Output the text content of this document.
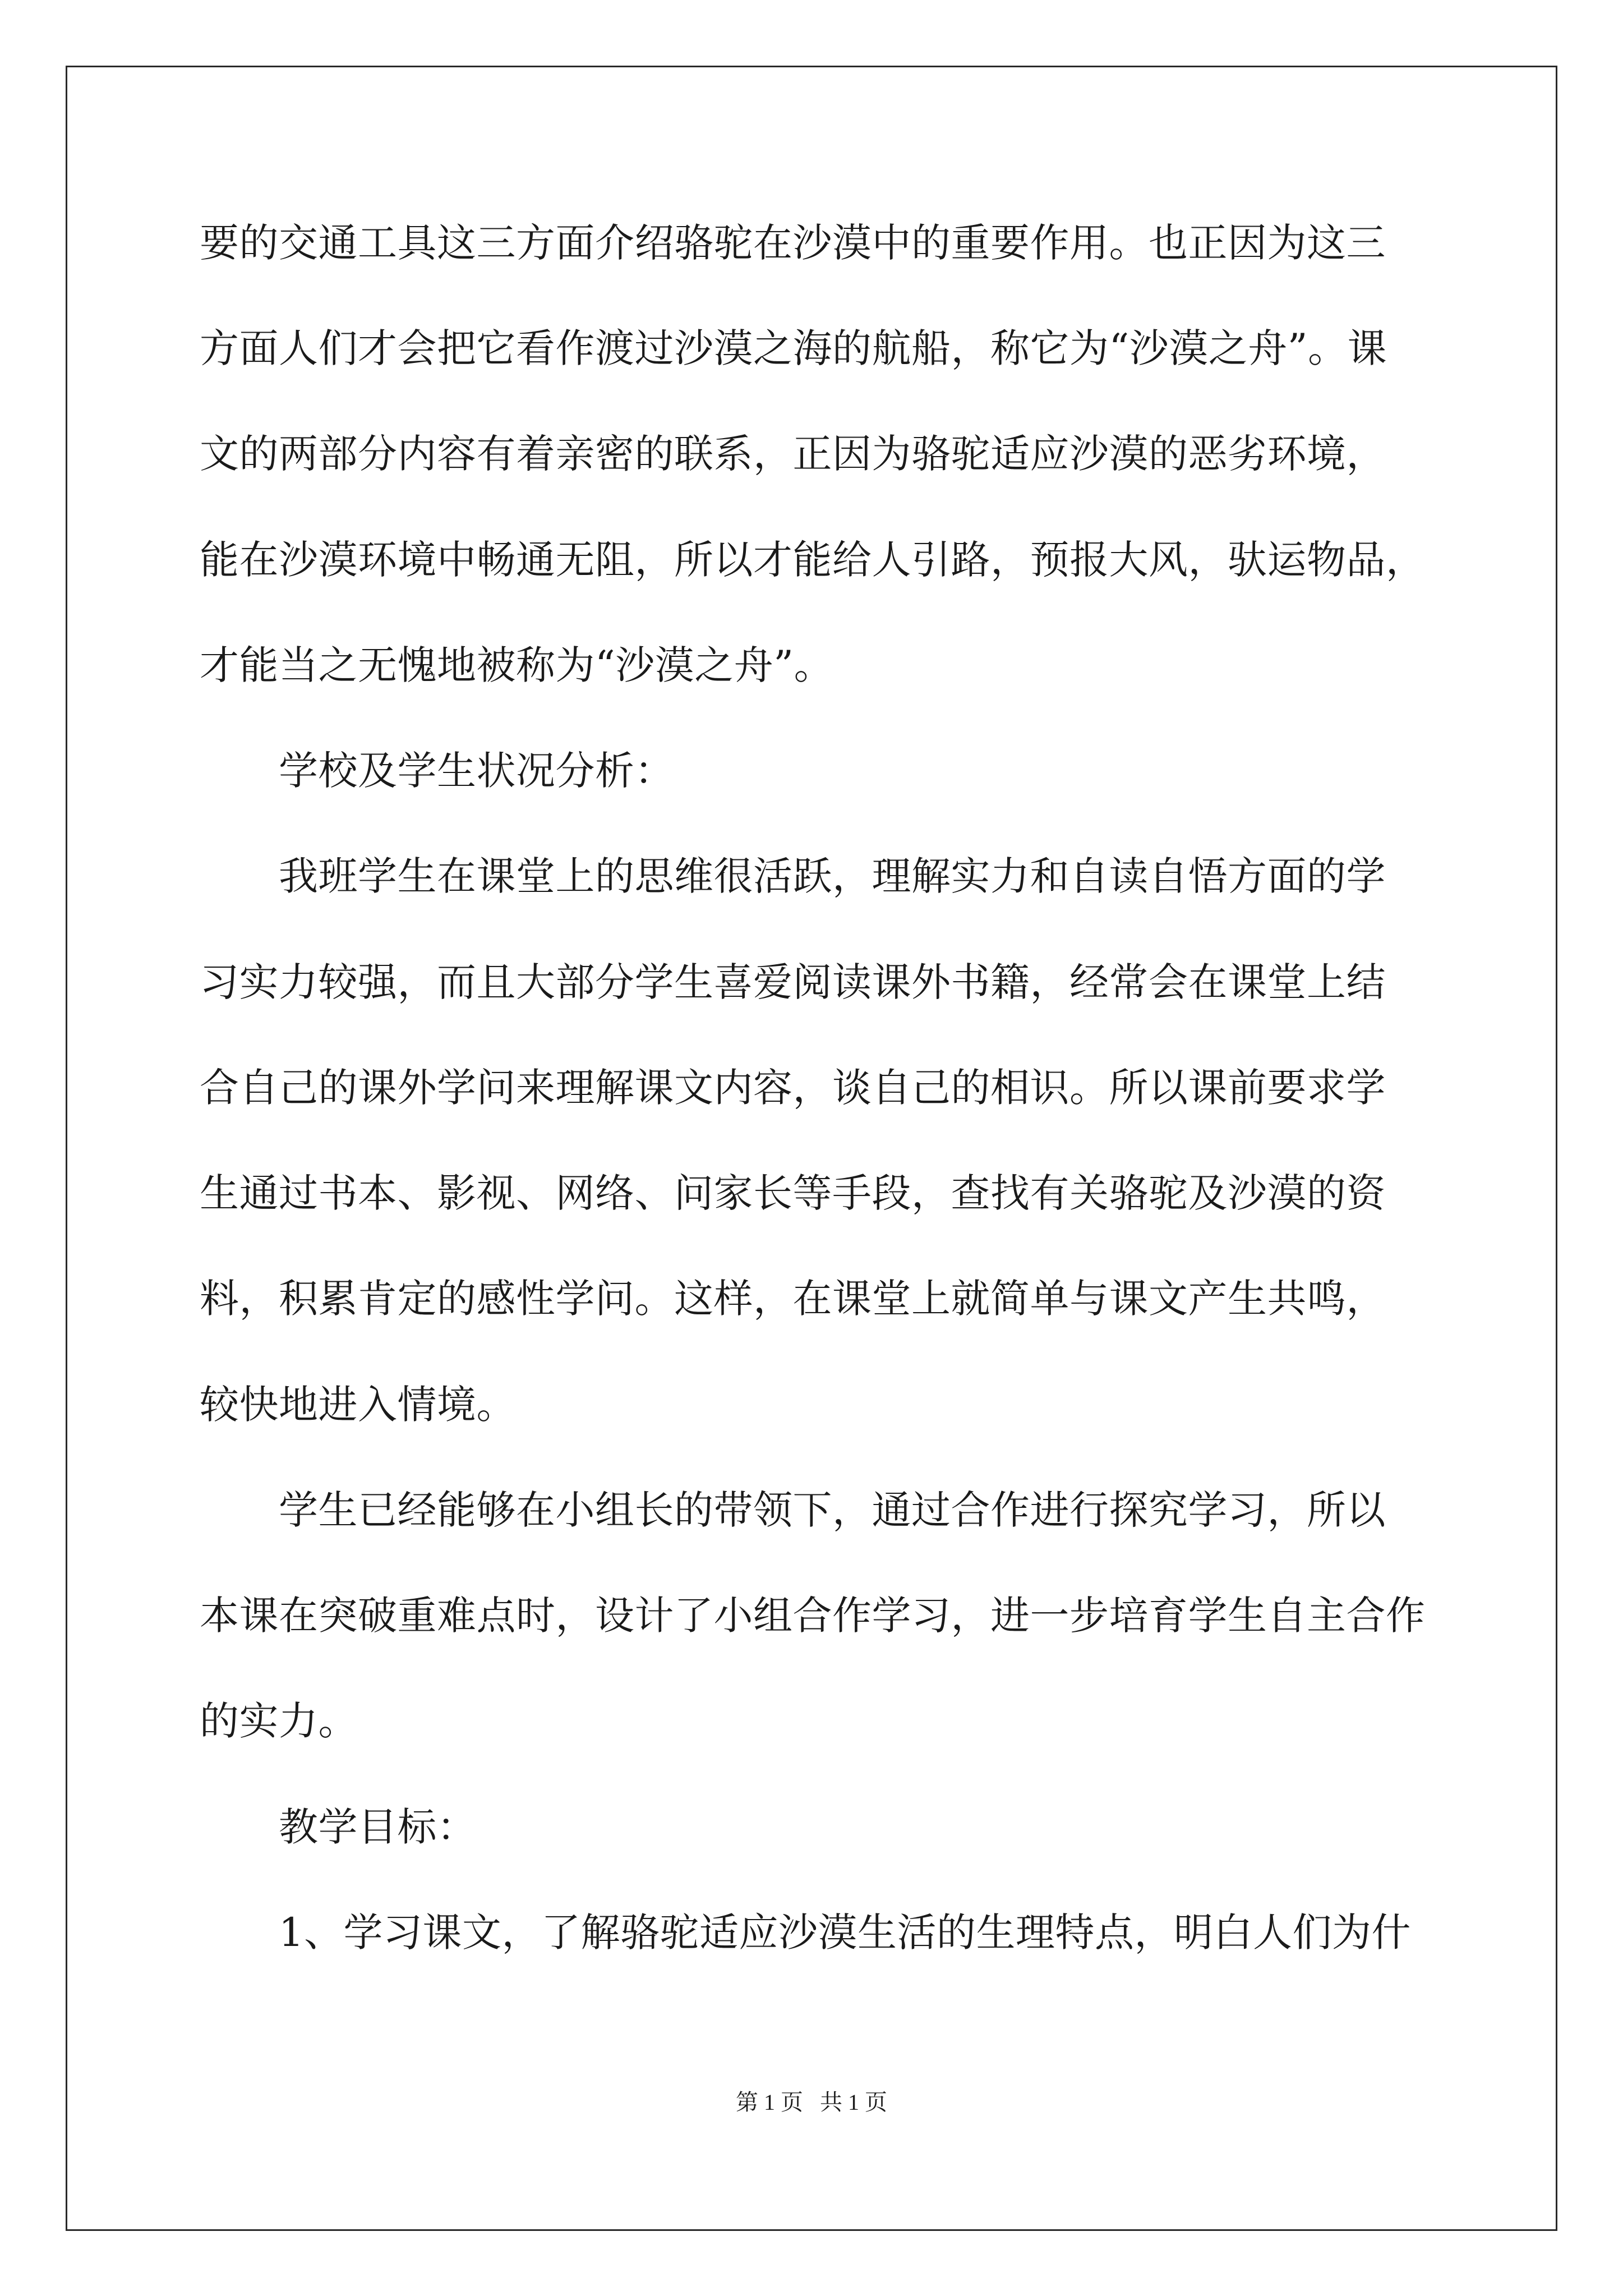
要的交通工具这三方面介绍骆驼在沙漠中的重要作用。也正因为这三
方面人们才会把它看作渡过沙漠之海的航船，称它为“沙漠之舟”。课
文的两部分内容有着亲密的联系，正因为骆驼适应沙漠的恶劣环境，
能在沙漠环境中畅通无阻，所以才能给人引路，预报大风，驮运物品，
才能当之无愧地被称为“沙漠之舟”。
　　学校及学生状况分析：
　　我班学生在课堂上的思维很活跃，理解实力和自读自悟方面的学
习实力较强，而且大部分学生喜爱阅读课外书籍，经常会在课堂上结
合自己的课外学问来理解课文内容，谈自己的相识。所以课前要求学
生通过书本、影视、网络、问家长等手段，查找有关骆驼及沙漠的资
料，积累肯定的感性学问。这样，在课堂上就简单与课文产生共鸣，
较快地进入情境。
　　学生已经能够在小组长的带领下，通过合作进行探究学习，所以
本课在突破重难点时，设计了小组合作学习，进一步培育学生自主合作
的实力。
　　教学目标：
　　1、学习课文，了解骆驼适应沙漠生活的生理特点，明白人们为什
第 1 页 共 1 页
